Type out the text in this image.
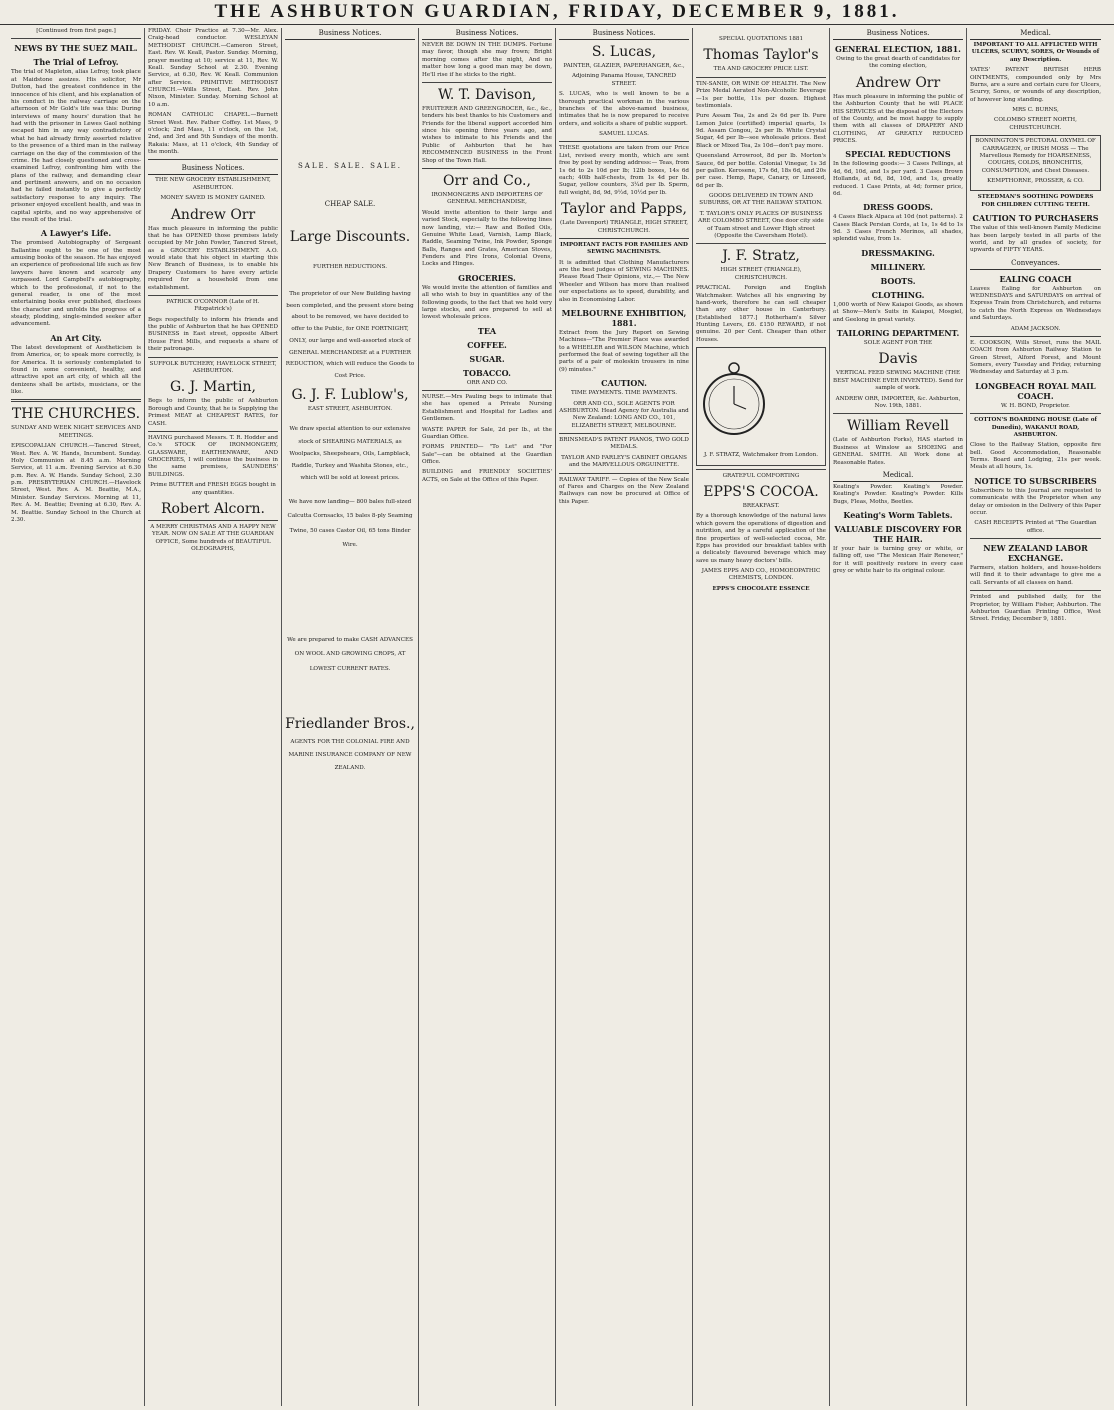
THE ASHBURTON GUARDIAN, FRIDAY, DECEMBER 9, 1881.
[Continued from first page.]
NEWS BY THE SUEZ MAIL.
The Trial of Lefroy.

The trial of Mapleton, alias Lefroy, took place at Maidstone assizes. His solicitor, Mr Dutton, had the greatest confidence in the innocence of his client, and his explanation of his conduct in the railway carriage on the afternoon of Mr Gold's life was this: During interviews of many hours' duration that he had with the prisoner in Lewes Gaol nothing escaped him in any way contradictory of what he had already firmly asserted relative to the presence of a third man in the railway carriage on the day of the commission of the crime. He had closely questioned and cross-examined Lefroy, confronting him with the plans of the railway, and demanding clear and pertinent answers, and on no occasion had he failed instantly to give a perfectly satisfactory response to any inquiry. The prisoner enjoyed excellent health, and was in capital spirits, and no way apprehensive of the result of the trial.

A Lawyer's Life.

The promised Autobiography of Sergeant Ballantine ought to be one of the most amusing books of the season. He has enjoyed an experience of professional life such as few lawyers have known and scarcely any surpassed. Lord Campbell's autobiography, which to the professional, if not to the general reader, is one of the most entertaining books ever published, discloses the character and unfolds the progress of a steady, plodding, single-minded seeker after advancement.

An Art City.

The latest development of Aestheticism is from America, or, to speak more correctly, is for America. It is seriously contemplated to found in some convenient, healthy, and attractive spot an art city, of which all the denizens shall be artists, musicians, or the like.

THE CHURCHES.
SUNDAY AND WEEK NIGHT SERVICES AND MEETINGS.

EPISCOPALIAN CHURCH.—Tancred Street, West. Rev. A. W. Hands, Incumbent. Sunday. Holy Communion at 8.45 a.m. Morning Service, at 11 a.m. Evening Service at 6.30 p.m. Rev. A. W. Hands. Sunday School, 2.30 p.m. PRESBYTERIAN CHURCH.—Havelock Street, West. Rev. A. M. Beattie, M.A., Minister. Sunday Services. Morning at 11, Rev. A. M. Beattie; Evening at 6.30, Rev. A. M. Beattie. Sunday School in the Church at 2.30.

FRIDAY. Choir Practice at 7.30—Mr. Alex. Craig-head conductor. WESLEYAN METHODIST CHURCH.—Cameron Street, East. Rev. W. Keall, Pastor. Sunday. Morning, prayer meeting at 10; service at 11, Rev. W. Keall. Sunday School at 2.30. Evening Service, at 6.30, Rev. W. Keall. Communion after Service. PRIMITIVE METHODIST CHURCH.—Wills Street, East. Rev. John Nixon, Minister. Sunday. Morning School at 10 a.m.

ROMAN CATHOLIC CHAPEL.—Burnett Street West. Rev. Father Coffey. 1st Mass, 9 o'clock; 2nd Mass, 11 o'clock, on the 1st, 2nd, and 3rd and 5th Sundays of the month. Rakaia: Mass, at 11 o'clock, 4th Sunday of the month.

Business Notices.
THE NEW GROCERY ESTABLISHMENT, ASHBURTON.
MONEY SAVED IS MONEY GAINED.
Andrew Orr

Has much pleasure in informing the public that he has OPENED those premises lately occupied by Mr John Fowler, Tancred Street, as a GROCERY ESTABLISHMENT. A.O. would state that his object in starting this New Branch of Business, is to enable his Drapery Customers to have every article required for a household from one establishment.

PATRICK O'CONNOR (Late of H. Fitzpatrick's)

Begs respectfully to inform his friends and the public of Ashburton that he has OPENED BUSINESS in East street, opposite Albert House First Mills, and requests a share of their patronage.

SUFFOLK BUTCHERY, HAVELOCK STREET, ASHBURTON.
G. J. Martin,

Begs to inform the public of Ashburton Borough and County, that he is Supplying the Primest MEAT at CHEAPEST RATES, for CASH.

HAVING purchased Messrs. T. R. Hodder and Co.'s STOCK OF IRONMONGERY, GLASSWARE, EARTHENWARE, AND GROCERIES, I will continue the business in the same premises, SAUNDERS' BUILDINGS.

Prime BUTTER and FRESH EGGS bought in any quantities.

Robert Alcorn.

A MERRY CHRISTMAS AND A HAPPY NEW YEAR. NOW ON SALE AT THE GUARDIAN OFFICE, Some hundreds of BEAUTIFUL OLEOGRAPHS,

Business Notices.
SALE. SALE. SALE.
CHEAP SALE.
Large Discounts.
FURTHER REDUCTIONS.

The proprietor of our New Building having been completed, and the present store being about to be removed, we have decided to offer to the Public, for ONE FORTNIGHT, ONLY, our large and well-assorted stock of GENERAL MERCHANDISE at a FURTHER REDUCTION, which will reduce the Goods to Cost Price.

G. J. F. Lublow's,
EAST STREET, ASHBURTON.

We draw special attention to our extensive stock of SHEARING MATERIALS, as Woolpacks, Sheepshears, Oils, Lampblack, Raddle, Turkey and Washita Stones, etc., which will be sold at lowest prices.

We have now landing— 800 bales full-sized Calcutta Cornsacks, 15 bales 8-ply Seaming Twine, 50 cases Castor Oil, 65 tons Binder Wire.

We are prepared to make CASH ADVANCES ON WOOL AND GROWING CROPS, AT LOWEST CURRENT RATES.

Friedlander Bros.,

AGENTS FOR THE COLONIAL FIRE AND MARINE INSURANCE COMPANY OF NEW ZEALAND.

Business Notices.

NEVER BE DOWN IN THE DUMPS. Fortune may favor, though she may frown; Bright morning comes after the night, And no matter how long a good man may be down, He'll rise if he sticks to the right.

W. T. Davison,

FRUITERER AND GREENGROCER, &c., &c., tenders his best thanks to his Customers and Friends for the liberal support accorded him since his opening three years ago, and wishes to intimate to his Friends and the Public of Ashburton that he has RECOMMENCED BUSINESS in the Front Shop of the Town Hall.

Orr and Co.,
IRONMONGERS AND IMPORTERS OF GENERAL MERCHANDISE,

Would invite attention to their large and varied Stock, especially to the following lines now landing, viz:— Raw and Boiled Oils, Genuine White Lead, Varnish, Lamp Black, Raddle, Seaming Twine, Ink Powder, Sponge Balls, Ranges and Grates, American Stoves, Fenders and Fire Irons, Colonial Ovens, Locks and Hinges.

GROCERIES.

We would invite the attention of families and all who wish to buy in quantities any of the following goods, to the fact that we hold very large stocks, and are prepared to sell at lowest wholesale prices.

TEA
COFFEE.
SUGAR.
TOBACCO.
ORR AND CO.

NURSE.—Mrs Pauling begs to intimate that she has opened a Private Nursing Establishment and Hospital for Ladies and Gentlemen.

WASTE PAPER for Sale, 2d per lb., at the Guardian Office.

FORMS PRINTED— "To Let" and "For Sale"—can be obtained at the Guardian Office.

BUILDING and FRIENDLY SOCIETIES' ACTS, on Sale at the Office of this Paper.

Business Notices.
S. Lucas,
PAINTER, GLAZIER, PAPERHANGER, &c.,
Adjoining Panama House, TANCRED STREET.

S. LUCAS, who is well known to be a thorough practical workman in the various branches of the above-named business, intimates that he is now prepared to receive orders, and solicits a share of public support.

SAMUEL LUCAS.

THESE quotations are taken from our Price List, revised every month, which are sent free by post by sending address:— Teas, from 1s 6d to 2s 10d per lb; 12lb boxes, 14s 6d each; 40lb half-chests, from 1s 4d per lb. Sugar, yellow counters, 3¼d per lb. Sperm, full weight, 8d, 9d, 9½d, 10½d per lb.

Taylor and Papps,
(Late Davenport) TRIANGLE, HIGH STREET, CHRISTCHURCH.
IMPORTANT FACTS FOR FAMILIES AND SEWING MACHINISTS.

It is admitted that Clothing Manufacturers are the best judges of SEWING MACHINES. Please Read Their Opinions, viz.,— The New Wheeler and Wilson has more than realised our expectations as to speed, durability, and also in Economising Labor.

MELBOURNE EXHIBITION, 1881.

Extract from the Jury Report on Sewing Machines—"The Premier Place was awarded to a WHEELER and WILSON Machine, which performed the feat of sewing together all the parts of a pair of moleskin trousers in nine (9) minutes."

CAUTION.
TIME PAYMENTS. TIME PAYMENTS.

ORR AND CO., SOLE AGENTS FOR ASHBURTON. Head Agency for Australia and New Zealand: LONG AND CO., 101, ELIZABETH STREET, MELBOURNE.

BRINSMEAD'S PATENT PIANOS, TWO GOLD MEDALS.

TAYLOR AND FARLEY'S CABINET ORGANS and the MARVELLOUS ORGUINETTE.

RAILWAY TARIFF. — Copies of the New Scale of Fares and Charges on the New Zealand Railways can now be procured at Office of this Paper.

SPECIAL QUOTATIONS 1881
Thomas Taylor's
TEA AND GROCERY PRICE LIST.

TIN-SANIE, OR WINE OF HEALTH. The New Prize Medal Aerated Non-Alcoholic Beverage—1s per bottle, 11s per dozen. Highest testimonials.

Pure Assam Tea, 2s and 2s 6d per lb. Pure Lemon Juice (certified) imperial quarts, 1s 9d. Assam Congou, 2s per lb. White Crystal Sugar, 4d per lb—see wholesale prices. Best Black or Mixed Tea, 2s 10d—don't pay more.

Queensland Arrowroot, 8d per lb. Morton's Sauce, 6d per bottle. Colonial Vinegar, 1s 3d per gallon. Kerosene, 17s 6d, 18s 6d, and 20s per case. Hemp, Rape, Canary, or Linseed, 6d per lb.

GOODS DELIVERED IN TOWN AND SUBURBS, OR AT THE RAILWAY STATION.

T. TAYLOR'S ONLY PLACES OF BUSINESS ARE COLOMBO STREET, One door city side of Tuam street and Lower High street (Opposite the Caversham Hotel).

J. F. Stratz,
HIGH STREET (TRIANGLE), CHRISTCHURCH.

PRACTICAL Foreign and English Watchmaker. Watches all his engraving by hand-work, therefore he can sell cheaper than any other house in Canterbury. [Established 1877.] Rotherham's Silver Hunting Levers, £6. £150 REWARD, if not genuine. 20 per Cent. Cheaper than other Houses.

J. F. STRATZ, Watchmaker from London.
GRATEFUL COMFORTING
EPPS'S COCOA.
BREAKFAST.

By a thorough knowledge of the natural laws which govern the operations of digestion and nutrition, and by a careful application of the fine properties of well-selected cocoa, Mr. Epps has provided our breakfast tables with a delicately flavoured beverage which may save us many heavy doctors' bills.

JAMES EPPS AND CO., HOMOEOPATHIC CHEMISTS, LONDON.
EPPS'S CHOCOLATE ESSENCE
Business Notices.
GENERAL ELECTION, 1881.

Owing to the great dearth of candidates for the coming election,

Andrew Orr

Has much pleasure in informing the public of the Ashburton County that he will PLACE HIS SERVICES at the disposal of the Electors of the County, and be most happy to supply them with all classes of DRAPERY AND CLOTHING, AT GREATLY REDUCED PRICES.

SPECIAL REDUCTIONS

In the following goods:— 3 Cases Fellings, at 4d, 6d, 10d, and 1s per yard. 3 Cases Brown Hollands, at 6d, 8d, 10d, and 1s, greatly reduced. 1 Case Prints, at 4d; former price, 6d.

DRESS GOODS.

4 Cases Black Alpaca at 10d (not patterns). 2 Cases Black Persian Cords, at 1s, 1s 4d to 1s 9d. 3 Cases French Merinos, all shades, splendid value, from 1s.

DRESSMAKING.
MILLINERY.
BOOTS.
CLOTHING.

1,000 worth of New Kaiapoi Goods, as shown at Show—Men's Suits in Kaiapoi, Mosgiel, and Geelong in great variety.

TAILORING DEPARTMENT.
SOLE AGENT FOR THE
Davis

VERTICAL FEED SEWING MACHINE (THE BEST MACHINE EVER INVENTED). Send for sample of work.

ANDREW ORR, IMPORTER, &c. Ashburton, Nov. 19th, 1881.

William Revell

(Late of Ashburton Forks), HAS started in Business at Winslow as SHOEING and GENERAL SMITH. All Work done at Reasonable Rates.

Medical.

Keating's Powder. Keating's Powder. Keating's Powder. Keating's Powder. Kills Bugs, Fleas, Moths, Beetles.

Keating's Worm Tablets.
VALUABLE DISCOVERY FOR THE HAIR.

If your hair is turning grey or white, or falling off, use "The Mexican Hair Renewer," for it will positively restore in every case grey or white hair to its original colour.

Medical.
IMPORTANT TO ALL AFFLICTED WITH ULCERS, SCURVY, SORES, Or Wounds of any Description.

YATES' PATENT BRITISH HERB OINTMENTS, compounded only by Mrs Burns, are a sure and certain cure for Ulcers, Scurvy, Sores, or wounds of any description, of however long standing.

MRS C. BURNS,
COLOMBO STREET NORTH, CHRISTCHURCH.

BONNINGTON'S PECTORAL OXYMEL OF CARRAGEEN, or IRISH MOSS — The Marvellous Remedy for HOARSENESS, COUGHS, COLDS, BRONCHITIS, CONSUMPTION, and Chest Diseases.

KEMPTHORNE, PROSSER, & CO.
STEEDMAN'S SOOTHING POWDERS FOR CHILDREN CUTTING TEETH.
CAUTION TO PURCHASERS

The value of this well-known Family Medicine has been largely tested in all parts of the world, and by all grades of society, for upwards of FIFTY YEARS.

Conveyances.
EALING COACH

Leaves Ealing for Ashburton on WEDNESDAYS and SATURDAYS on arrival of Express Train from Christchurch, and returns to catch the North Express on Wednesdays and Saturdays.

ADAM JACKSON.

E. COOKSON, Wills Street, runs the MAIL COACH from Ashburton Railway Station to Green Street, Alford Forest, and Mount Somers, every Tuesday and Friday, returning Wednesday and Saturday at 3 p.m.

LONGBEACH ROYAL MAIL COACH.
W. H. BOND, Proprietor.
COTTON'S BOARDING HOUSE (Late of Dunedin), WAKANUI ROAD, ASHBURTON.

Close to the Railway Station, opposite fire bell. Good Accommodation, Reasonable Terms. Board and Lodging, 21s per week. Meals at all hours, 1s.

NOTICE TO SUBSCRIBERS

Subscribers to this Journal are requested to communicate with the Proprietor when any delay or omission in the Delivery of this Paper occur.

CASH RECEIPTS Printed at "The Guardian office.
NEW ZEALAND LABOR EXCHANGE.

Farmers, station holders, and house-holders will find it to their advantage to give me a call. Servants of all classes on hand.

Printed and published daily, for the Proprietor, by William Fisher, Ashburton. The Ashburton Guardian Printing Office, West Street. Friday, December 9, 1881.
